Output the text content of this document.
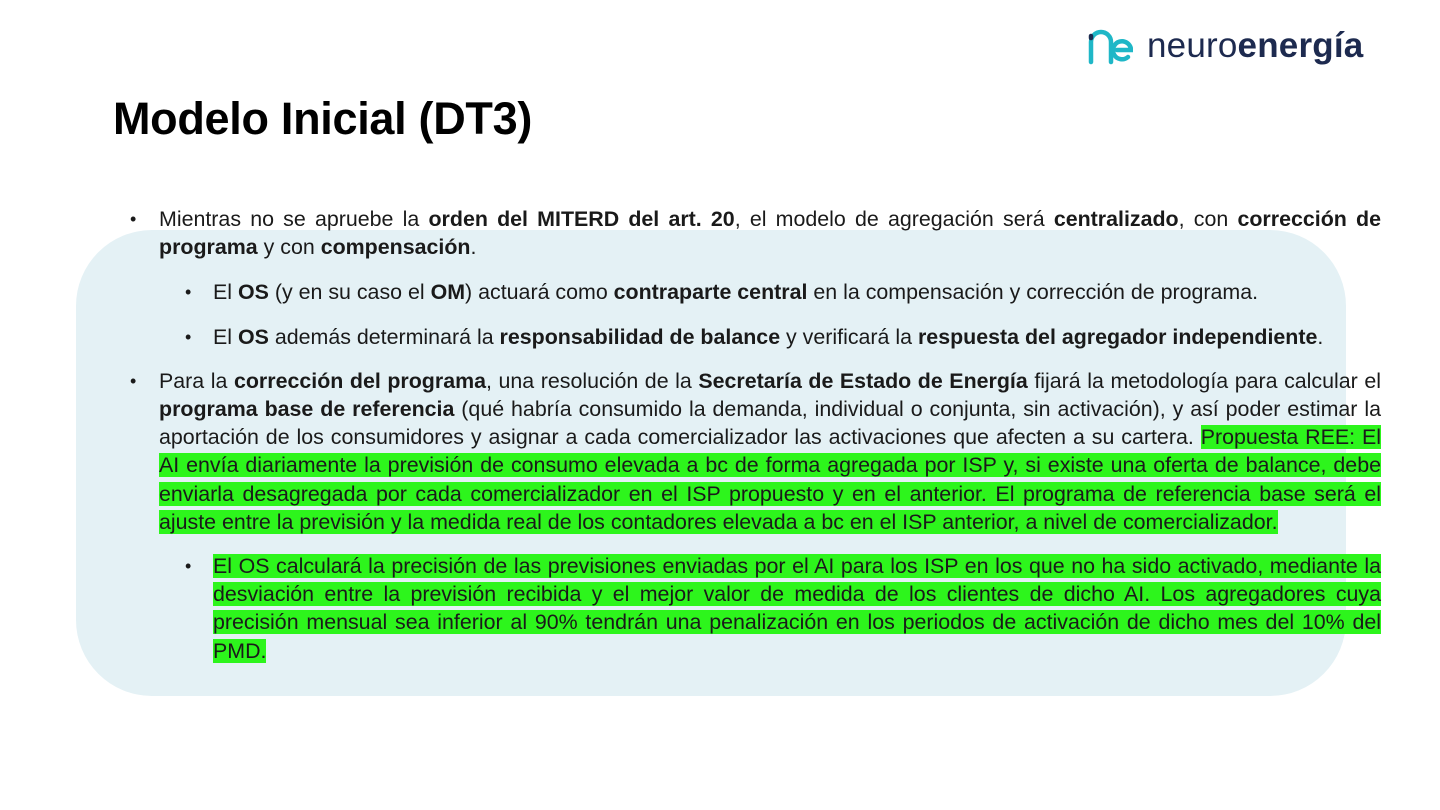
neuroenergía
Modelo Inicial (DT3)
• Mientras no se apruebe la orden del MITERD del art. 20, el modelo de agregación será centralizado, con corrección de programa y con compensación.
• El OS (y en su caso el OM) actuará como contraparte central en la compensación y corrección de programa.
• El OS además determinará la responsabilidad de balance y verificará la respuesta del agregador independiente.
• Para la corrección del programa, una resolución de la Secretaría de Estado de Energía fijará la metodología para calcular el programa base de referencia (qué habría consumido la demanda, individual o conjunta, sin activación), y así poder estimar la aportación de los consumidores y asignar a cada comercializador las activaciones que afecten a su cartera. Propuesta REE: El AI envía diariamente la previsión de consumo elevada a bc de forma agregada por ISP y, si existe una oferta de balance, debe enviarla desagregada por cada comercializador en el ISP propuesto y en el anterior. El programa de referencia base será el ajuste entre la previsión y la medida real de los contadores elevada a bc en el ISP anterior, a nivel de comercializador.
• El OS calculará la precisión de las previsiones enviadas por el AI para los ISP en los que no ha sido activado, mediante la desviación entre la previsión recibida y el mejor valor de medida de los clientes de dicho AI. Los agregadores cuya precisión mensual sea inferior al 90% tendrán una penalización en los periodos de activación de dicho mes del 10% del PMD.
